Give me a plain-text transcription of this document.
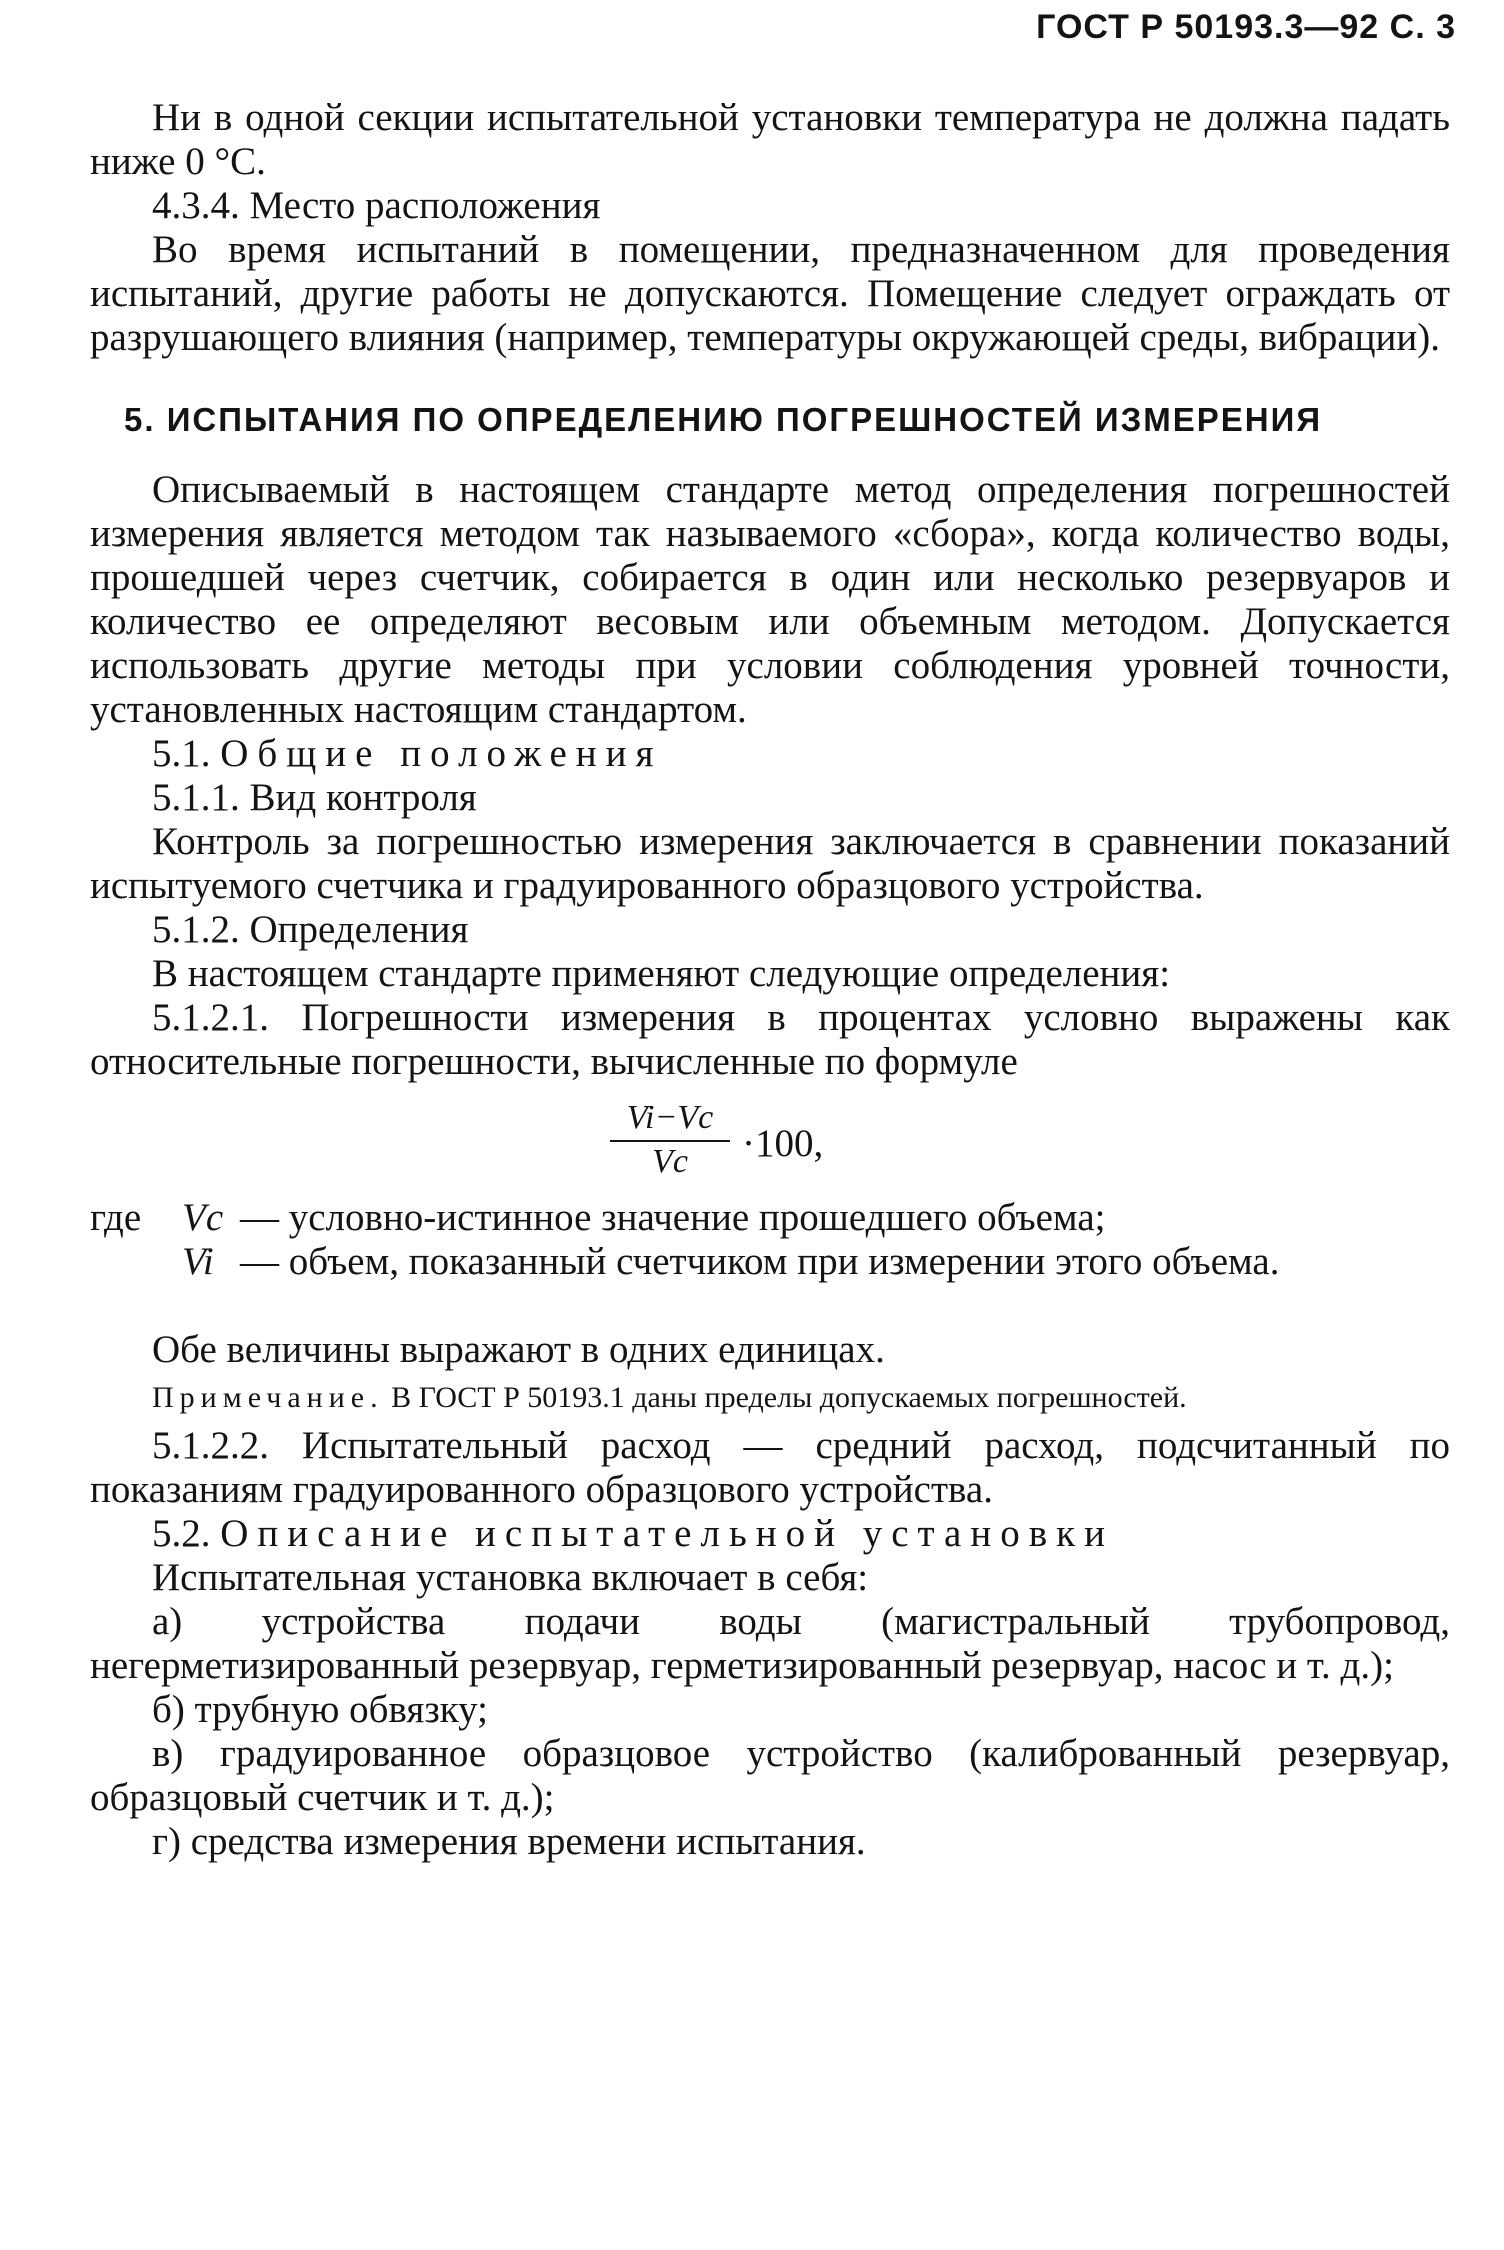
ГОСТ Р 50193.3—92 С. 3

Ни в одной секции испытательной установки температура не должна падать ниже 0 °С.

4.3.4. Место расположения

Во время испытаний в помещении, предназначенном для проведения испытаний, другие работы не допускаются. Помещение следует ограждать от разрушающего влияния (например, температуры окружающей среды, вибрации).

5. ИСПЫТАНИЯ ПО ОПРЕДЕЛЕНИЮ ПОГРЕШНОСТЕЙ ИЗМЕРЕНИЯ

Описываемый в настоящем стандарте метод определения погрешностей измерения является методом так называемого «сбора», когда количество воды, прошедшей через счетчик, собирается в один или несколько резервуаров и количество ее определяют весовым или объемным методом. Допускается использовать другие методы при условии соблюдения уровней точности, установленных настоящим стандартом.

5.1. Общие положения

5.1.1. Вид контроля

Контроль за погрешностью измерения заключается в сравнении показаний испытуемого счетчика и градуированного образцового устройства.

5.1.2. Определения

В настоящем стандарте применяют следующие определения:

5.1.2.1. Погрешности измерения в процентах условно выражены как относительные погрешности, вычисленные по формуле

$\frac{Vi-Vc}{Vc} \cdot 100$,
где Vc — условно-истинное значение прошедшего объема;
Vi — объем, показанный счетчиком при измерении этого объема.

Обе величины выражают в одних единицах.

Примечание. В ГОСТ Р 50193.1 даны пределы допускаемых погрешностей.

5.1.2.2. Испытательный расход — средний расход, подсчитанный по показаниям градуированного образцового устройства.

5.2. Описание испытательной установки

Испытательная установка включает в себя:

а) устройства подачи воды (магистральный трубопровод, негерметизированный резервуар, герметизированный резервуар, насос и т. д.);

б) трубную обвязку;

в) градуированное образцовое устройство (калиброванный резервуар, образцовый счетчик и т. д.);

г) средства измерения времени испытания.
